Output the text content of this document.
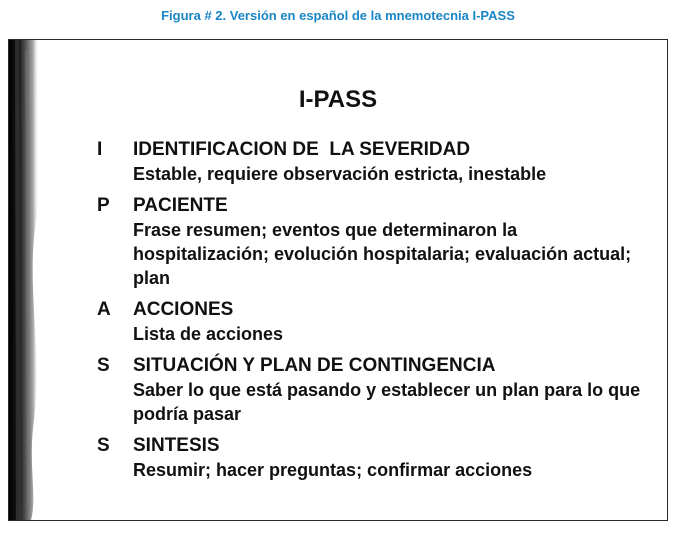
Figura # 2. Versión en español de la mnemotecnia I-PASS
I-PASS
I	IDENTIFICACION DE  LA SEVERIDAD
Estable, requiere observación estricta, inestable
P	PACIENTE
Frase resumen; eventos que determinaron la hospitalización; evolución hospitalaria; evaluación actual; plan
A	ACCIONES
Lista de acciones
S	SITUACIÓN Y PLAN DE CONTINGENCIA
Saber lo que está pasando y establecer un plan para lo que podría pasar
S	SINTESIS
Resumir; hacer preguntas; confirmar acciones
